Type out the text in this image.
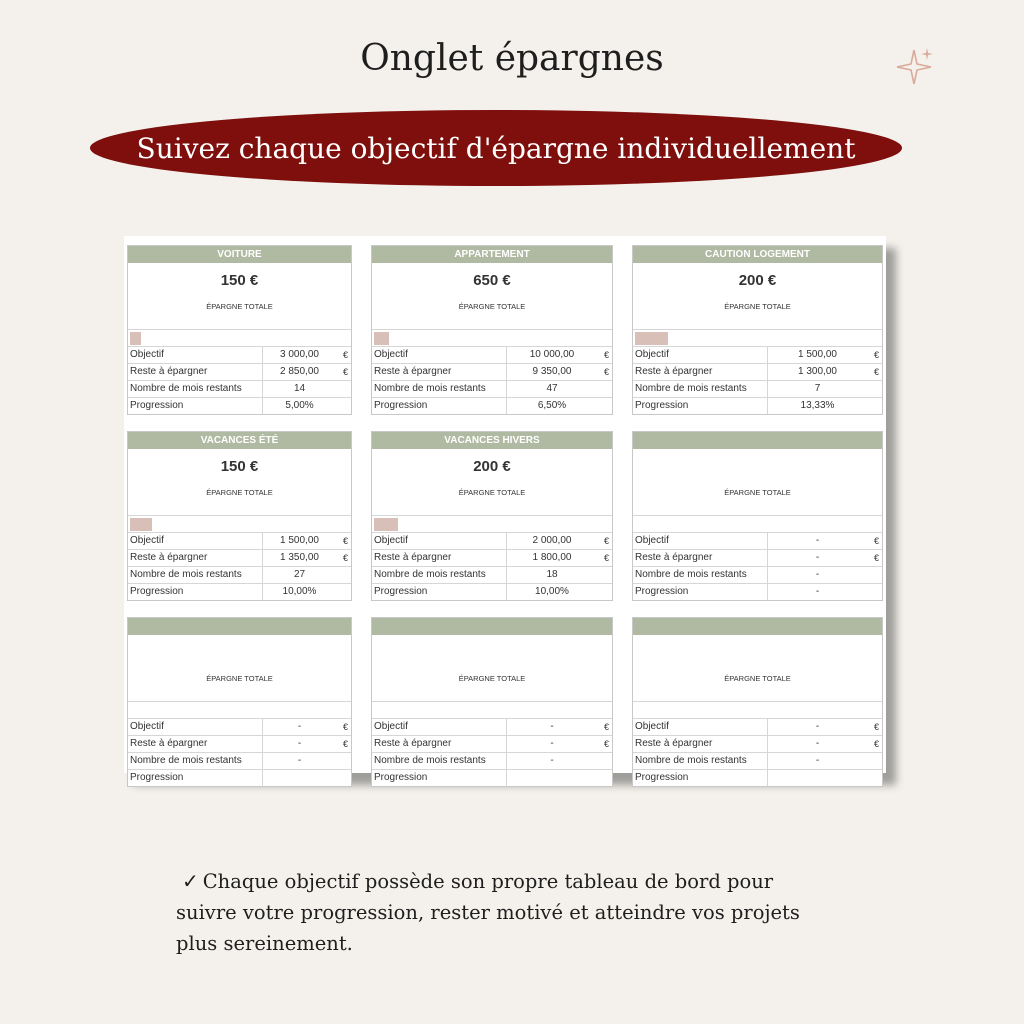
Onglet épargnes
Suivez chaque objectif d'épargne individuellement
VOITURE
150 €
ÉPARGNE TOTALE
Objectif	3 000,00	€
Reste à épargner	2 850,00	€
Nombre de mois restants	14
Progression	5,00%
APPARTEMENT
650 €
ÉPARGNE TOTALE
Objectif	10 000,00	€
Reste à épargner	9 350,00	€
Nombre de mois restants	47
Progression	6,50%
CAUTION LOGEMENT
200 €
ÉPARGNE TOTALE
Objectif	1 500,00	€
Reste à épargner	1 300,00	€
Nombre de mois restants	7
Progression	13,33%
VACANCES ÉTÉ
150 €
ÉPARGNE TOTALE
Objectif	1 500,00	€
Reste à épargner	1 350,00	€
Nombre de mois restants	27
Progression	10,00%
VACANCES HIVERS
200 €
ÉPARGNE TOTALE
Objectif	2 000,00	€
Reste à épargner	1 800,00	€
Nombre de mois restants	18
Progression	10,00%
ÉPARGNE TOTALE
Objectif	-	€
Reste à épargner	-	€
Nombre de mois restants	-
Progression	-
ÉPARGNE TOTALE
Objectif	-	€
Reste à épargner	-	€
Nombre de mois restants	-
Progression
ÉPARGNE TOTALE
Objectif	-	€
Reste à épargner	-	€
Nombre de mois restants	-
Progression
ÉPARGNE TOTALE
Objectif	-	€
Reste à épargner	-	€
Nombre de mois restants	-
Progression
✓ Chaque objectif possède son propre tableau de bord pour suivre votre progression, rester motivé et atteindre vos projets plus sereinement.
